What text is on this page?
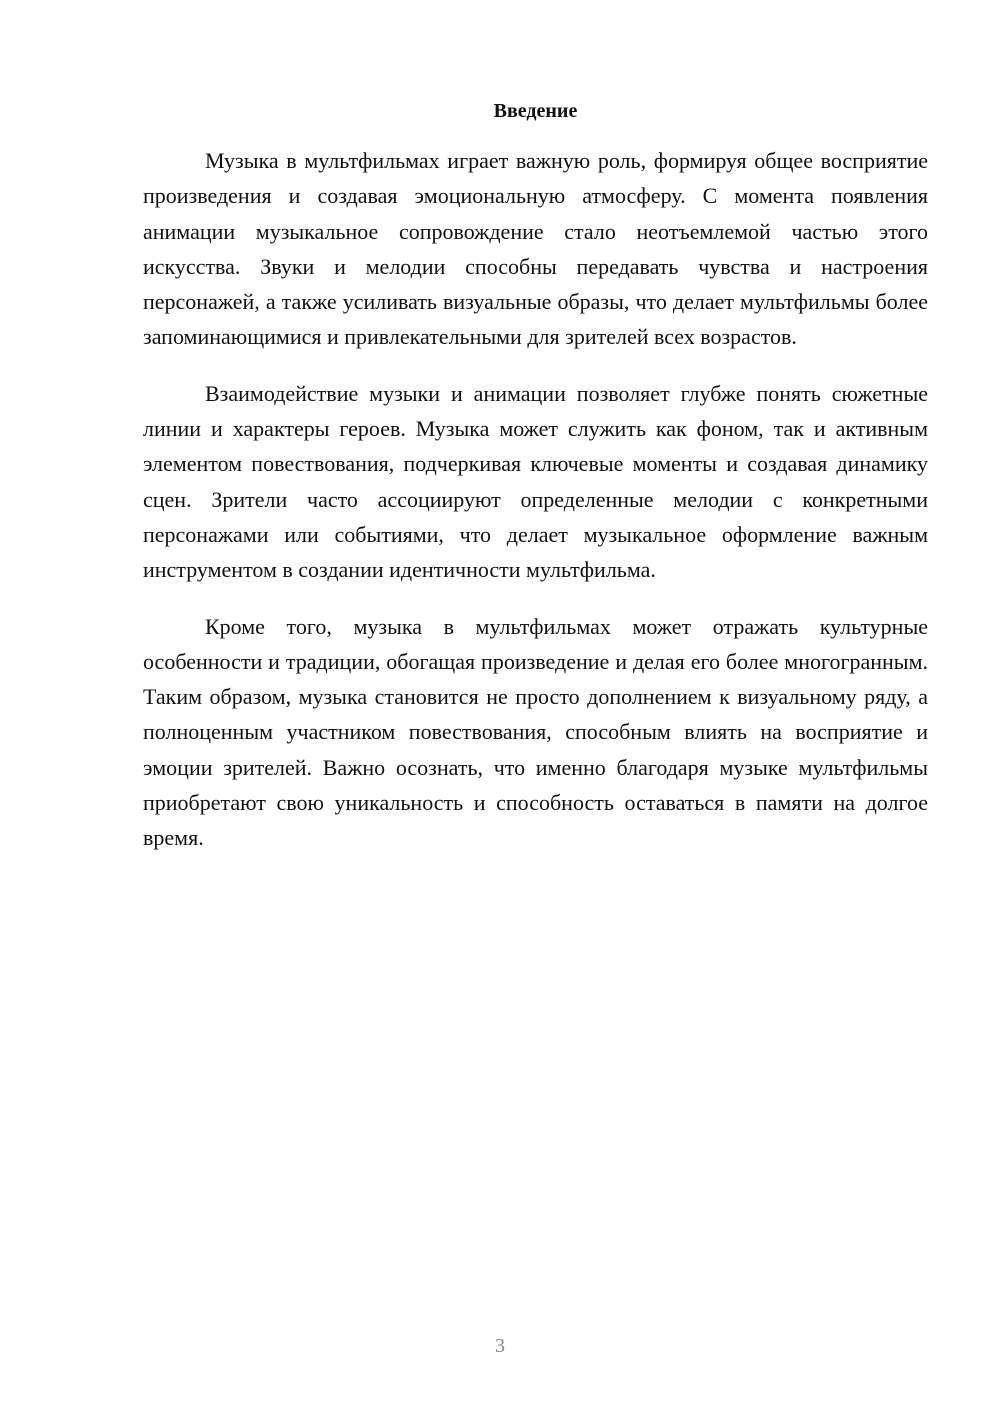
Введение

Музыка в мультфильмах играет важную роль, формируя общее восприятие произведения и создавая эмоциональную атмосферу. С момента появления анимации музыкальное сопровождение стало неотъемлемой частью этого искусства. Звуки и мелодии способны передавать чувства и настроения персонажей, а также усиливать визуальные образы, что делает мультфильмы более запоминающимися и привлекательными для зрителей всех возрастов.

Взаимодействие музыки и анимации позволяет глубже понять сюжетные линии и характеры героев. Музыка может служить как фоном, так и активным элементом повествования, подчеркивая ключевые моменты и создавая динамику сцен. Зрители часто ассоциируют определенные мелодии с конкретными персонажами или событиями, что делает музыкальное оформление важным инструментом в создании идентичности мультфильма.

Кроме того, музыка в мультфильмах может отражать культурные особенности и традиции, обогащая произведение и делая его более многогранным. Таким образом, музыка становится не просто дополнением к визуальному ряду, а полноценным участником повествования, способным влиять на восприятие и эмоции зрителей. Важно осознать, что именно благодаря музыке мультфильмы приобретают свою уникальность и способность оставаться в памяти на долгое время.

3
